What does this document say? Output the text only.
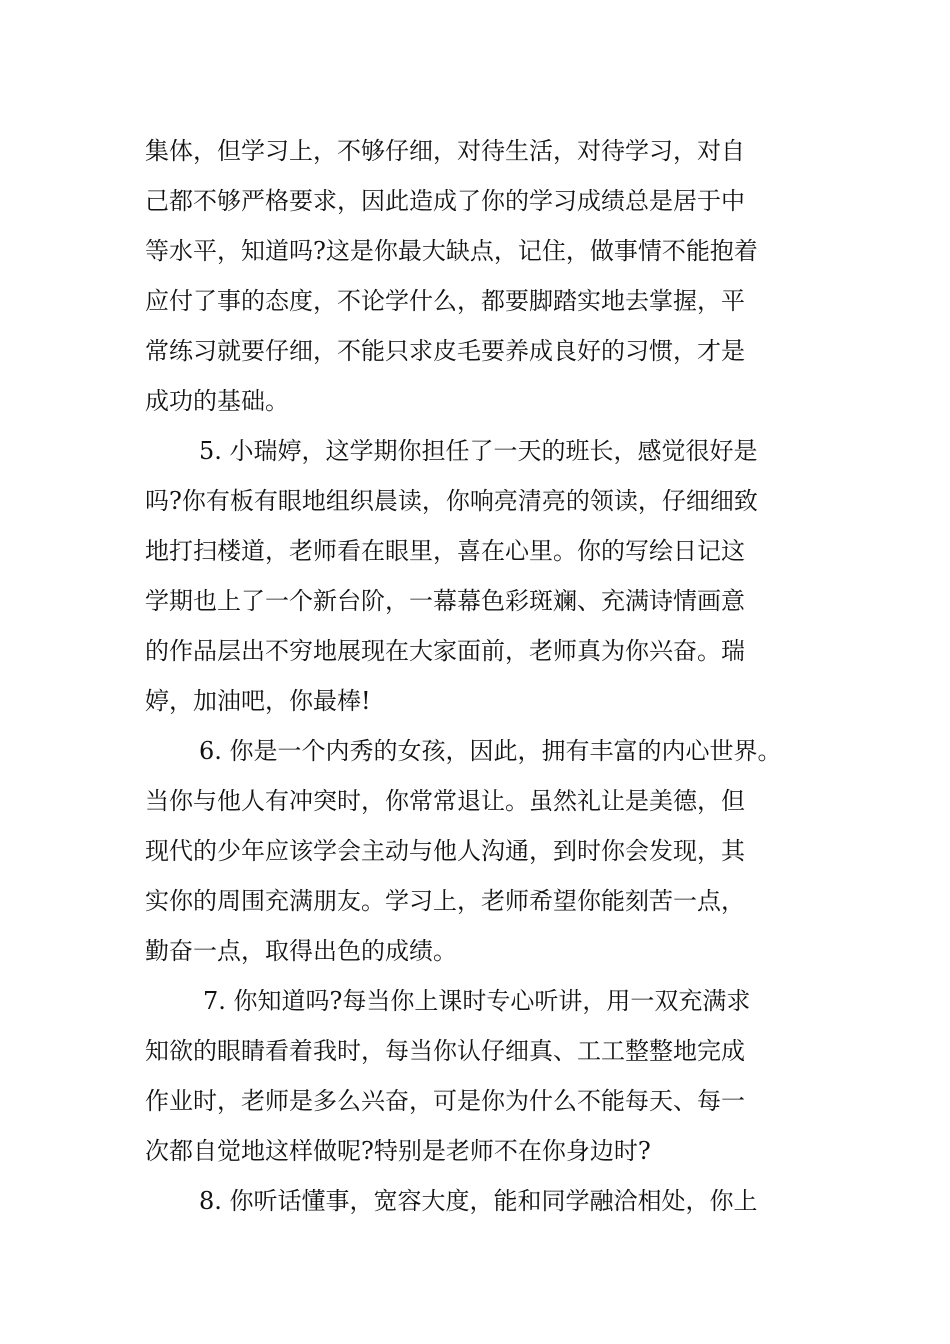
集体，但学习上，不够仔细，对待生活，对待学习，对自
己都不够严格要求，因此造成了你的学习成绩总是居于中
等水平，知道吗?这是你最大缺点，记住，做事情不能抱着
应付了事的态度，不论学什么，都要脚踏实地去掌握，平
常练习就要仔细，不能只求皮毛要养成良好的习惯，才是
成功的基础。
5. 小瑞婷，这学期你担任了一天的班长，感觉很好是
吗?你有板有眼地组织晨读，你响亮清亮的领读，仔细细致
地打扫楼道，老师看在眼里，喜在心里。你的写绘日记这
学期也上了一个新台阶，一幕幕色彩斑斓、充满诗情画意
的作品层出不穷地展现在大家面前，老师真为你兴奋。瑞
婷，加油吧，你最棒!
6. 你是一个内秀的女孩，因此，拥有丰富的内心世界。
当你与他人有冲突时，你常常退让。虽然礼让是美德，但
现代的少年应该学会主动与他人沟通，到时你会发现，其
实你的周围充满朋友。学习上，老师希望你能刻苦一点，
勤奋一点，取得出色的成绩。
7. 你知道吗?每当你上课时专心听讲，用一双充满求
知欲的眼睛看着我时，每当你认仔细真、工工整整地完成
作业时，老师是多么兴奋，可是你为什么不能每天、每一
次都自觉地这样做呢?特别是老师不在你身边时?
8. 你听话懂事，宽容大度，能和同学融洽相处，你上
